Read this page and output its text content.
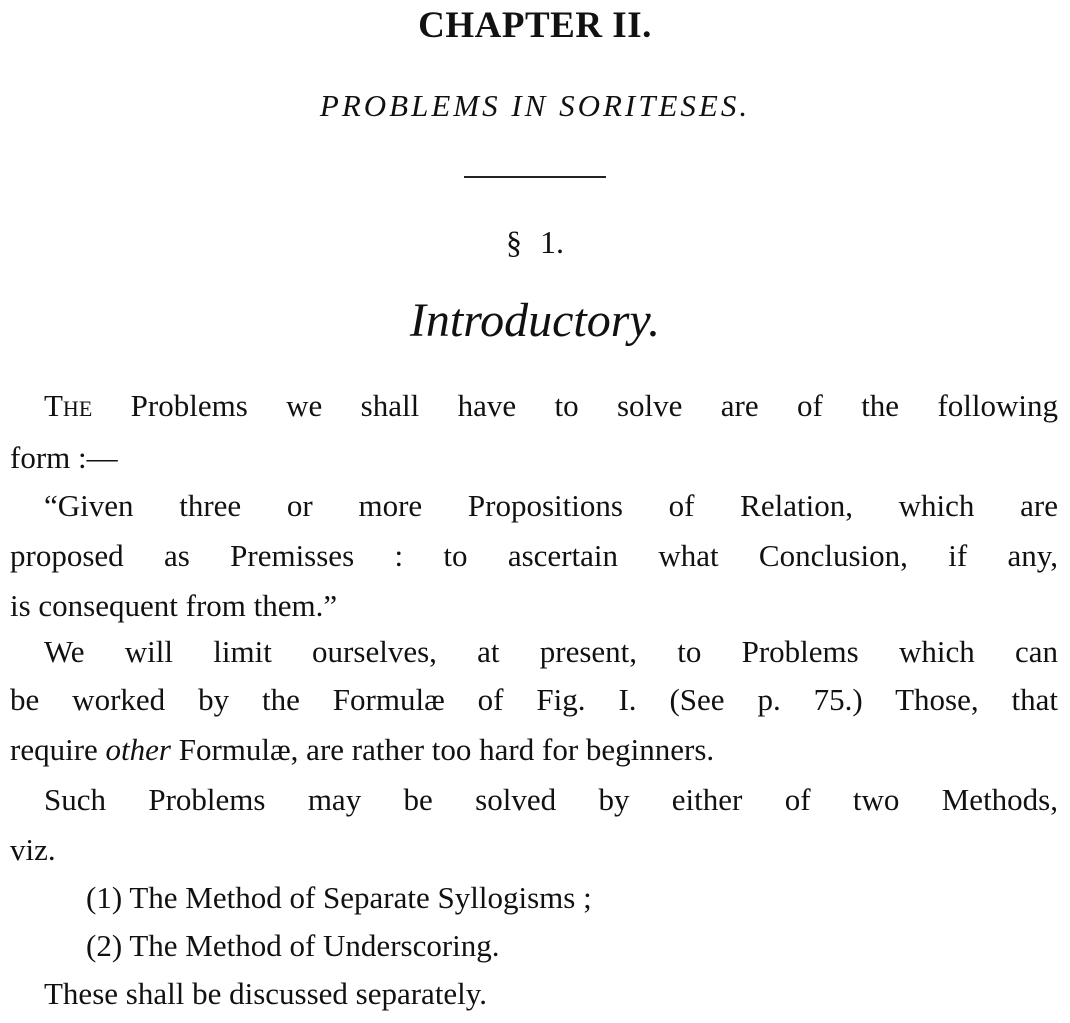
CHAPTER II.
PROBLEMS IN SORITESES.
§ 1.
Introductory.
The Problems we shall have to solve are of the following
form :—
“Given three or more Propositions of Relation, which are
proposed as Premisses : to ascertain what Conclusion, if any,
is consequent from them.”
We will limit ourselves, at present, to Problems which can
be worked by the Formulæ of Fig. I. (See p. 75.) Those, that
require other Formulæ, are rather too hard for beginners.
Such Problems may be solved by either of two Methods,
viz.
(1) The Method of Separate Syllogisms ;
(2) The Method of Underscoring.
These shall be discussed separately.
